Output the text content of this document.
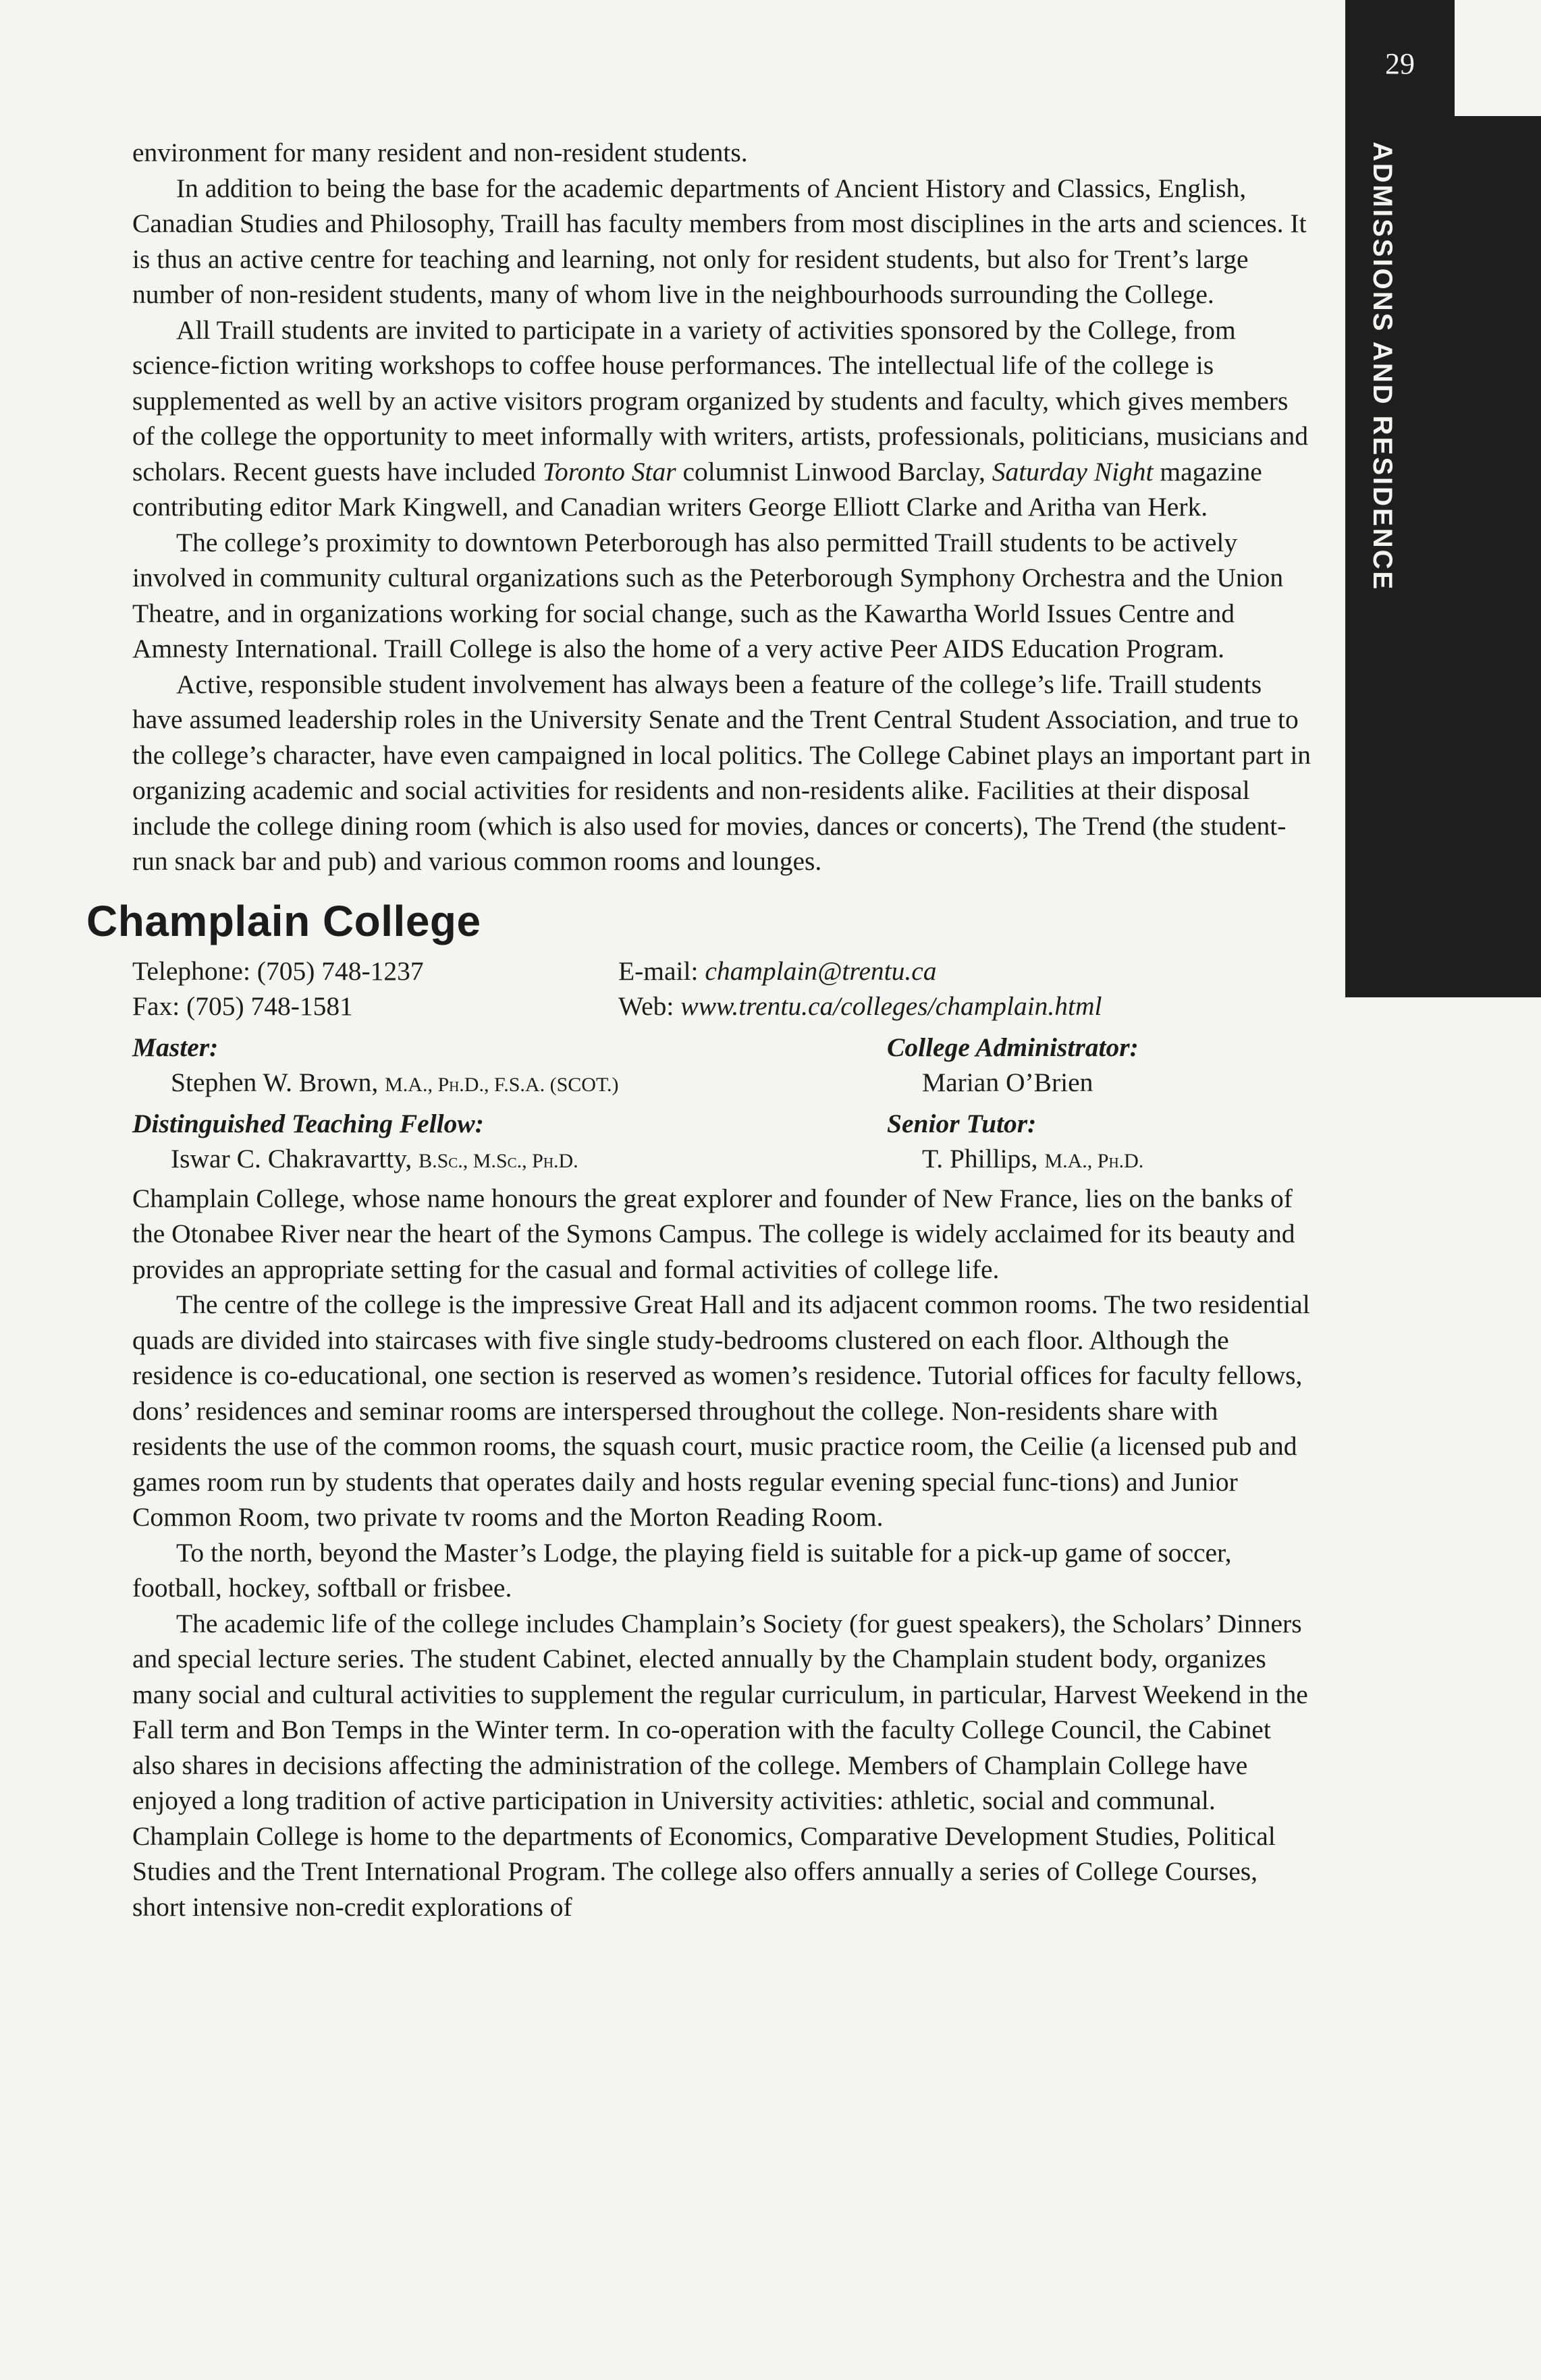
29
ADMISSIONS AND RESIDENCE

environment for many resident and non-resident students.

In addition to being the base for the academic departments of Ancient History and Classics, English, Canadian Studies and Philosophy, Traill has faculty members from most disciplines in the arts and sciences. It is thus an active centre for teaching and learning, not only for resident students, but also for Trent’s large number of non-resident students, many of whom live in the neighbourhoods surrounding the College.

All Traill students are invited to participate in a variety of activities sponsored by the College, from science-fiction writing workshops to coffee house performances. The intellectual life of the college is supplemented as well by an active visitors program organized by students and faculty, which gives members of the college the opportunity to meet informally with writers, artists, professionals, politicians, musicians and scholars. Recent guests have included Toronto Star columnist Linwood Barclay, Saturday Night magazine contributing editor Mark Kingwell, and Canadian writers George Elliott Clarke and Aritha van Herk.

The college’s proximity to downtown Peterborough has also permitted Traill students to be actively involved in community cultural organizations such as the Peterborough Symphony Orchestra and the Union Theatre, and in organizations working for social change, such as the Kawartha World Issues Centre and Amnesty International. Traill College is also the home of a very active Peer AIDS Education Program.

Active, responsible student involvement has always been a feature of the college’s life. Traill students have assumed leadership roles in the University Senate and the Trent Central Student Association, and true to the college’s character, have even campaigned in local politics. The College Cabinet plays an important part in organizing academic and social activities for residents and non-residents alike. Facilities at their disposal include the college dining room (which is also used for movies, dances or concerts), The Trend (the student-run snack bar and pub) and various common rooms and lounges.

Champlain College
Telephone: (705) 748-1237	E-mail: champlain@trentu.ca
Fax: (705) 748-1581	Web: www.trentu.ca/colleges/champlain.html
Master:
Stephen W. Brown, M.A., Ph.D., F.S.A. (SCOT.)
College Administrator:
Marian O’Brien
Distinguished Teaching Fellow:
Iswar C. Chakravartty, B.Sc., M.Sc., Ph.D.
Senior Tutor:
T. Phillips, M.A., Ph.D.

Champlain College, whose name honours the great explorer and founder of New France, lies on the banks of the Otonabee River near the heart of the Symons Campus. The college is widely acclaimed for its beauty and provides an appropriate setting for the casual and formal activities of college life.

The centre of the college is the impressive Great Hall and its adjacent common rooms. The two residential quads are divided into staircases with five single study-bedrooms clustered on each floor. Although the residence is co-educational, one section is reserved as women’s residence. Tutorial offices for faculty fellows, dons’ residences and seminar rooms are interspersed throughout the college. Non-residents share with residents the use of the common rooms, the squash court, music practice room, the Ceilie (a licensed pub and games room run by students that operates daily and hosts regular evening special func-tions) and Junior Common Room, two private tv rooms and the Morton Reading Room.

To the north, beyond the Master’s Lodge, the playing field is suitable for a pick-up game of soccer, football, hockey, softball or frisbee.

The academic life of the college includes Champlain’s Society (for guest speakers), the Scholars’ Dinners and special lecture series. The student Cabinet, elected annually by the Champlain student body, organizes many social and cultural activities to supplement the regular curriculum, in particular, Harvest Weekend in the Fall term and Bon Temps in the Winter term. In co-operation with the faculty College Council, the Cabinet also shares in decisions affecting the administration of the college. Members of Champlain College have enjoyed a long tradition of active participation in University activities: athletic, social and communal. Champlain College is home to the departments of Economics, Comparative Development Studies, Political Studies and the Trent International Program. The college also offers annually a series of College Courses, short intensive non-credit explorations of
